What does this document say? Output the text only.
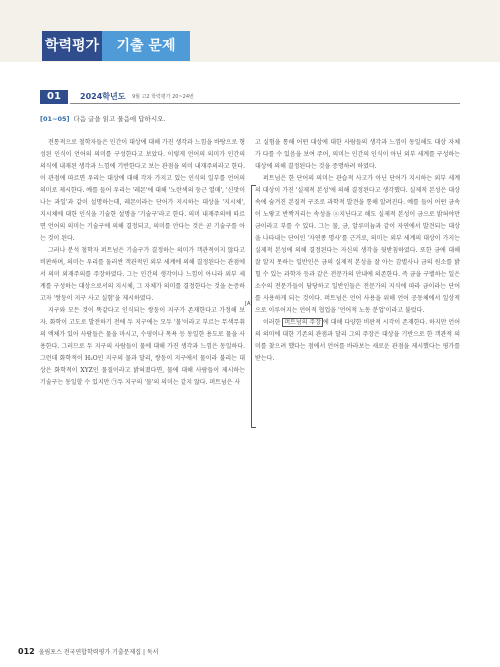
학력평가	기출 문제
01	2024학년도 9월 고2 학력평가 20~24번
[01~05] 다음 글을 읽고 물음에 답하시오.

전통적으로 철학자들은 인간이 대상에 대해 가진 생각과 느낌을 바탕으로 형성된 인식이 언어의 의미를 구성한다고 보았다. 이렇게 언어의 의미가 인간의 의식에 내재된 생각과 느낌에 기반한다고 보는 관점을 의미 내재주의라고 한다. 이 관점에 따르면 우리는 대상에 대해 각자 가지고 있는 인식의 일부를 언어의 의미로 제시한다. 예를 들어 우리는 '레몬'에 대해 '노란색의 둥근 열매', '신맛이 나는 과일'과 같이 설명하는데, 레몬이라는 단어가 지시하는 대상을 '지시체', 지시체에 대한 인식을 기술한 설명을 '기술구'라고 한다. 의미 내재주의에 따르면 언어의 의미는 기술구에 의해 결정되고, 의미를 안다는 것은 곧 기술구를 아는 것이 된다.

그러나 분석 철학자 퍼트넘은 기술구가 결정하는 의미가 객관적이지 않다고 비판하며, 의미는 우리를 둘러싼 객관적인 외부 세계에 의해 결정된다는 관점에서 의미 외재주의를 주장하였다. 그는 인간의 생각이나 느낌이 아니라 외부 세계를 구성하는 대상으로서의 지시체, 그 자체가 의미를 결정한다는 것을 논증하고자 '쌍둥이 지구 사고 실험'을 제시하였다.

지구와 모든 것이 똑같다고 인식되는 쌍둥이 지구가 존재한다고 가정해 보자. 화학이 고도로 발전하기 전에 두 지구에는 모두 '물'이라고 부르는 무색무취의 액체가 있어 사람들은 물을 마시고, 수영이나 목욕 등 동일한 용도로 물을 사용한다. 그러므로 두 지구의 사람들이 물에 대해 가진 생각과 느낌은 동일하다. 그런데 화학적이 H₂O인 지구의 물과 달리, 쌍둥이 지구에서 물이라 불리는 대상은 화학적이 XYZ인 물질이라고 밝혀졌다면, 물에 대해 사람들이 제시하는 기술구는 동일할 수 있지만 ㉠두 지구의 '물'의 의미는 같지 않다. 퍼트넘은 사

고 실험을 통해 어떤 대상에 대한 사람들의 생각과 느낌이 동일해도 대상 자체가 다를 수 있음을 보여 주어, 의미는 인간의 인식이 아닌 외부 세계를 구성하는 대상에 의해 결정된다는 것을 증명하려 하였다.

퍼트넘은 한 단어의 의미는 관습적 사고가 아닌 단어가 지시하는 외부 세계의 대상이 가진 '실제적 본성'에 의해 결정된다고 생각했다. 실제적 본성은 대상 속에 숨겨진 본질적 구조로 과학적 발견을 통해 알려진다. 예를 들어 어떤 금속이 노랗고 반짝거리는 속성을 ⓐ지닌다고 해도 실제적 본성이 금으로 밝혀야만 금이라고 부를 수 있다. 그는 물, 금, 알루미늄과 같이 자연에서 발견되는 대상을 나타내는 단어인 '자연종 명사'를 근거로, 의미는 외부 세계의 대상이 가지는 실제적 본성에 의해 결정된다는 자신의 생각을 뒷받침하였다. 또한 금에 대해 잘 알지 못하는 일반인은 금의 실제적 본성을 잘 아는 감별사나 금의 원소를 밝힐 수 있는 과학자 등과 같은 전문가의 안내에 의존한다. 즉 금을 구별하는 일은 소수의 전문가들이 담당하고 일반인들은 전문가의 지식에 따라 금이라는 단어를 사용하게 되는 것이다. 퍼트넘은 언어 사용을 위해 언어 공동체에서 일상적으로 이루어지는 언어적 협업을 '언어적 노동 분업'이라고 불렀다.

이러한 퍼트넘의 주장 에 대해 다양한 비판적 시각이 존재한다. 하지만 언어의 의미에 대한 기존의 관점과 달리 그의 주장은 대상을 기반으로 한 객관적 의미를 찾으려 했다는 점에서 언어를 바라보는 새로운 관점을 제시했다는 평가를 받는다.

[A]
012 올림포스 전국연합학력평가 기출문제집 | 독서
